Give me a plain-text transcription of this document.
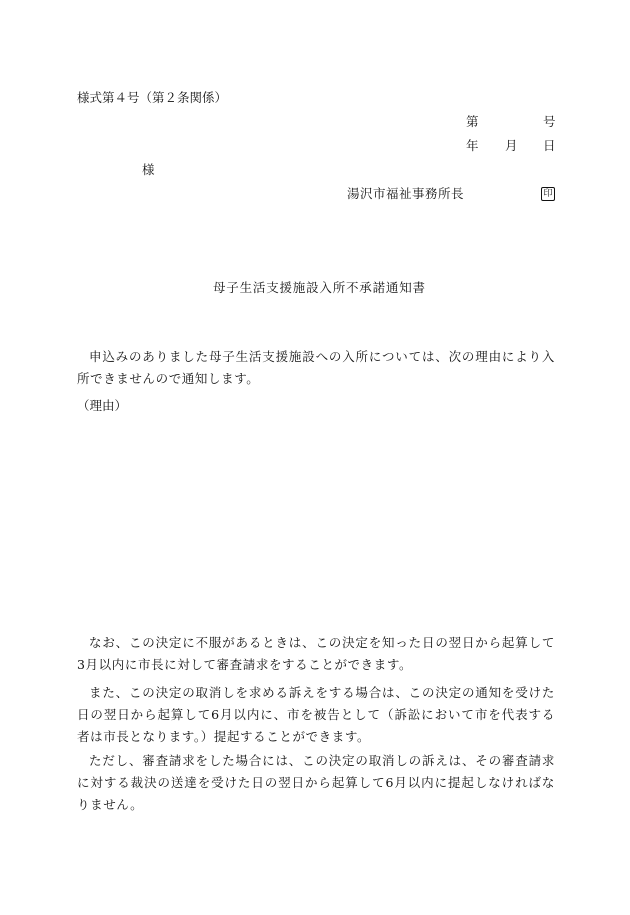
様式第４号（第２条関係）
第	号
年 月 日
様
湯沢市福祉事務所長	印
母子生活支援施設入所不承諾通知書
申込みのありました母子生活支援施設への入所については、次の理由により入所できませんので通知します。
（理由）
なお、この決定に不服があるときは、この決定を知った日の翌日から起算して3月以内に市長に対して審査請求をすることができます。
また、この決定の取消しを求める訴えをする場合は、この決定の通知を受けた日の翌日から起算して6月以内に、市を被告として（訴訟において市を代表する者は市長となります。）提起することができます。
ただし、審査請求をした場合には、この決定の取消しの訴えは、その審査請求に対する裁決の送達を受けた日の翌日から起算して6月以内に提起しなければなりません。
